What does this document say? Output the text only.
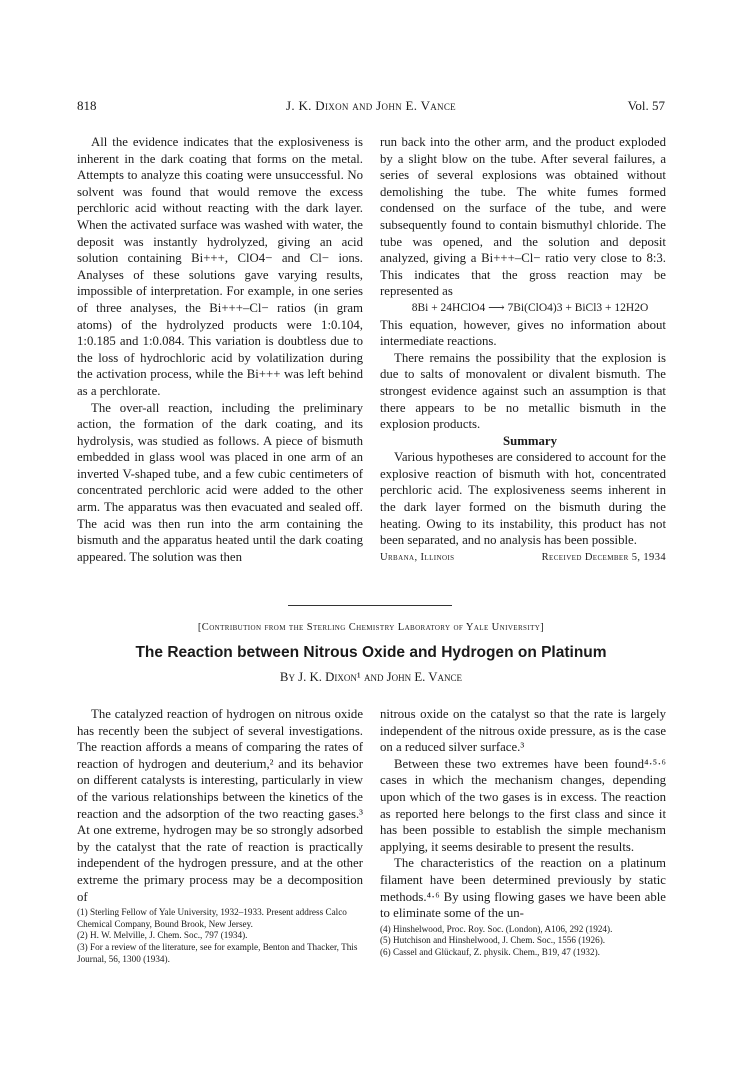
818	J. K. Dixon and John E. Vance	Vol. 57

All the evidence indicates that the explosiveness is inherent in the dark coating that forms on the metal. Attempts to analyze this coating were unsuccessful. No solvent was found that would remove the excess perchloric acid without reacting with the dark layer. When the activated surface was washed with water, the deposit was instantly hydrolyzed, giving an acid solution containing Bi+++, ClO4− and Cl− ions. Analyses of these solutions gave varying results, impossible of interpretation. For example, in one series of three analyses, the Bi+++–Cl− ratios (in gram atoms) of the hydrolyzed products were 1:0.104, 1:0.185 and 1:0.084. This variation is doubtless due to the loss of hydrochloric acid by volatilization during the activation process, while the Bi+++ was left behind as a perchlorate.

The over-all reaction, including the preliminary action, the formation of the dark coating, and its hydrolysis, was studied as follows. A piece of bismuth embedded in glass wool was placed in one arm of an inverted V-shaped tube, and a few cubic centimeters of concentrated perchloric acid were added to the other arm. The apparatus was then evacuated and sealed off. The acid was then run into the arm containing the bismuth and the apparatus heated until the dark coating appeared. The solution was then

run back into the other arm, and the product exploded by a slight blow on the tube. After several failures, a series of several explosions was obtained without demolishing the tube. The white fumes formed condensed on the surface of the tube, and were subsequently found to contain bismuthyl chloride. The tube was opened, and the solution and deposit analyzed, giving a Bi+++–Cl− ratio very close to 8:3. This indicates that the gross reaction may be represented as

8Bi + 24HClO4 ⟶ 7Bi(ClO4)3 + BiCl3 + 12H2O

This equation, however, gives no information about intermediate reactions.

There remains the possibility that the explosion is due to salts of monovalent or divalent bismuth. The strongest evidence against such an assumption is that there appears to be no metallic bismuth in the explosion products.

Summary

Various hypotheses are considered to account for the explosive reaction of bismuth with hot, concentrated perchloric acid. The explosiveness seems inherent in the dark layer formed on the bismuth during the heating. Owing to its instability, this product has not been separated, and no analysis has been possible.

Urbana, Illinois	Received December 5, 1934
[Contribution from the Sterling Chemistry Laboratory of Yale University]
The Reaction between Nitrous Oxide and Hydrogen on Platinum
By J. K. Dixon¹ and John E. Vance

The catalyzed reaction of hydrogen on nitrous oxide has recently been the subject of several investigations. The reaction affords a means of comparing the rates of reaction of hydrogen and deuterium,² and its behavior on different catalysts is interesting, particularly in view of the various relationships between the kinetics of the reaction and the adsorption of the two reacting gases.³ At one extreme, hydrogen may be so strongly adsorbed by the catalyst that the rate of reaction is practically independent of the hydrogen pressure, and at the other extreme the primary process may be a decomposition of

(1) Sterling Fellow of Yale University, 1932–1933. Present address Calco Chemical Company, Bound Brook, New Jersey.
(2) H. W. Melville, J. Chem. Soc., 797 (1934).
(3) For a review of the literature, see for example, Benton and Thacker, This Journal, 56, 1300 (1934).

nitrous oxide on the catalyst so that the rate is largely independent of the nitrous oxide pressure, as is the case on a reduced silver surface.³

Between these two extremes have been found⁴·⁵·⁶ cases in which the mechanism changes, depending upon which of the two gases is in excess. The reaction as reported here belongs to the first class and since it has been possible to establish the simple mechanism applying, it seems desirable to present the results.

The characteristics of the reaction on a platinum filament have been determined previously by static methods.⁴·⁶ By using flowing gases we have been able to eliminate some of the un-

(4) Hinshelwood, Proc. Roy. Soc. (London), A106, 292 (1924).
(5) Hutchison and Hinshelwood, J. Chem. Soc., 1556 (1926).
(6) Cassel and Glückauf, Z. physik. Chem., B19, 47 (1932).
